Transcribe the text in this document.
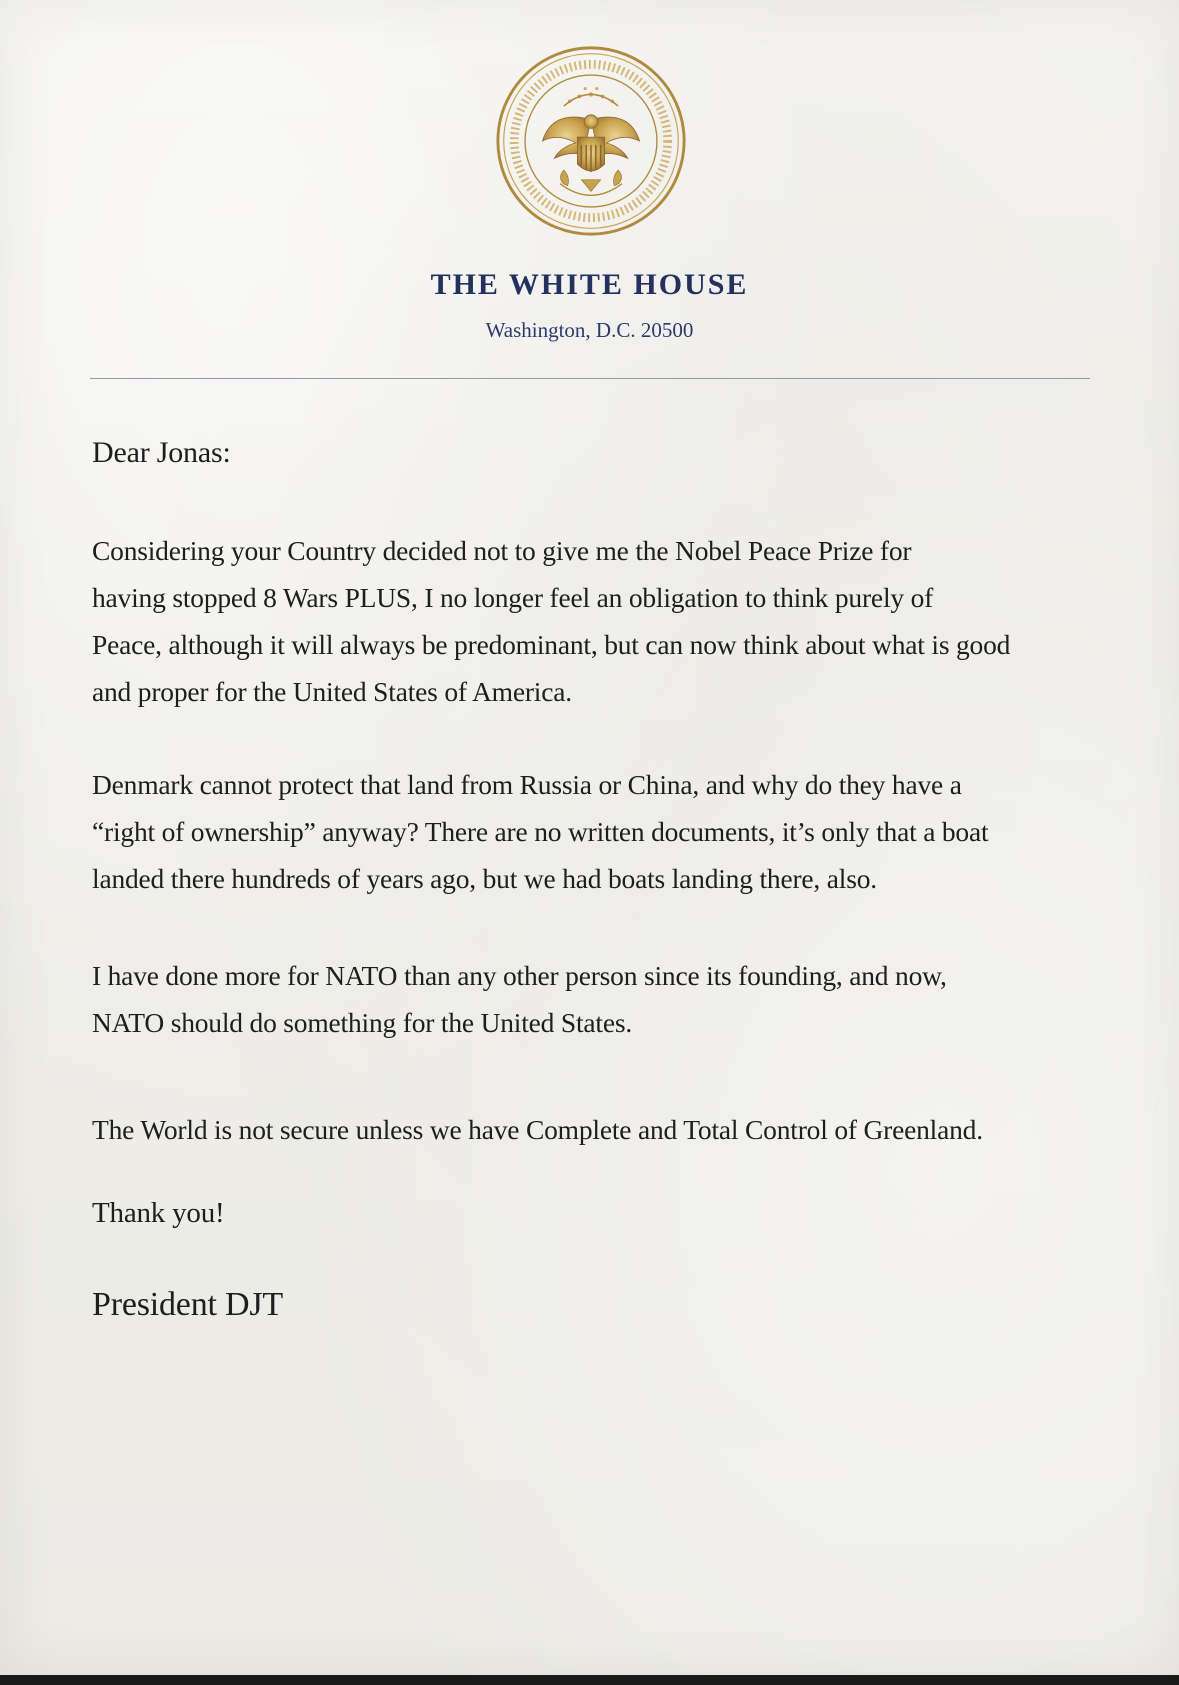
THE WHITE HOUSE
Washington, D.C. 20500

Dear Jonas:

Considering your Country decided not to give me the Nobel Peace Prize for
having stopped 8 Wars PLUS, I no longer feel an obligation to think purely of
Peace, although it will always be predominant, but can now think about what is good
and proper for the United States of America.
Denmark cannot protect that land from Russia or China, and why do they have a
“right of ownership” anyway? There are no written documents, it’s only that a boat
landed there hundreds of years ago, but we had boats landing there, also.
I have done more for NATO than any other person since its founding, and now,
NATO should do something for the United States.
The World is not secure unless we have Complete and Total Control of Greenland.

Thank you!

President DJT
